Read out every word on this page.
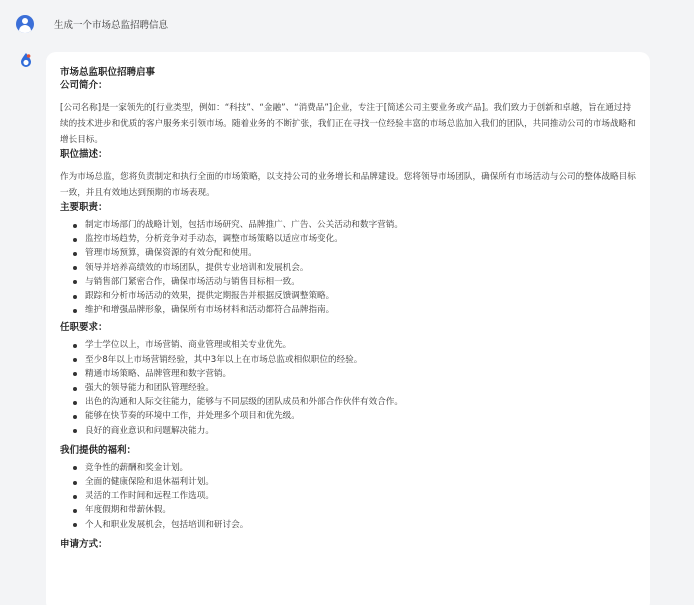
生成一个市场总监招聘信息
市场总监职位招聘启事
公司简介：
[公司名称]是一家领先的[行业类型，例如：“科技”、“金融”、“消费品”]企业，专注于[简述公司主要业务或产品]。我们致力于创新和卓越，旨在通过持续的技术进步和优质的客户服务来引领市场。随着业务的不断扩张，我们正在寻找一位经验丰富的市场总监加入我们的团队，共同推动公司的市场战略和增长目标。
职位描述：
作为市场总监，您将负责制定和执行全面的市场策略，以支持公司的业务增长和品牌建设。您将领导市场团队，确保所有市场活动与公司的整体战略目标一致，并且有效地达到预期的市场表现。
主要职责：
制定市场部门的战略计划，包括市场研究、品牌推广、广告、公关活动和数字营销。
监控市场趋势，分析竞争对手动态，调整市场策略以适应市场变化。
管理市场预算，确保资源的有效分配和使用。
领导并培养高绩效的市场团队，提供专业培训和发展机会。
与销售部门紧密合作，确保市场活动与销售目标相一致。
跟踪和分析市场活动的效果，提供定期报告并根据反馈调整策略。
维护和增强品牌形象，确保所有市场材料和活动都符合品牌指南。
任职要求：
学士学位以上，市场营销、商业管理或相关专业优先。
至少8年以上市场营销经验，其中3年以上在市场总监或相似职位的经验。
精通市场策略、品牌管理和数字营销。
强大的领导能力和团队管理经验。
出色的沟通和人际交往能力，能够与不同层级的团队成员和外部合作伙伴有效合作。
能够在快节奏的环境中工作，并处理多个项目和优先级。
良好的商业意识和问题解决能力。
我们提供的福利：
竞争性的薪酬和奖金计划。
全面的健康保险和退休福利计划。
灵活的工作时间和远程工作选项。
年度假期和带薪休假。
个人和职业发展机会，包括培训和研讨会。
申请方式：
